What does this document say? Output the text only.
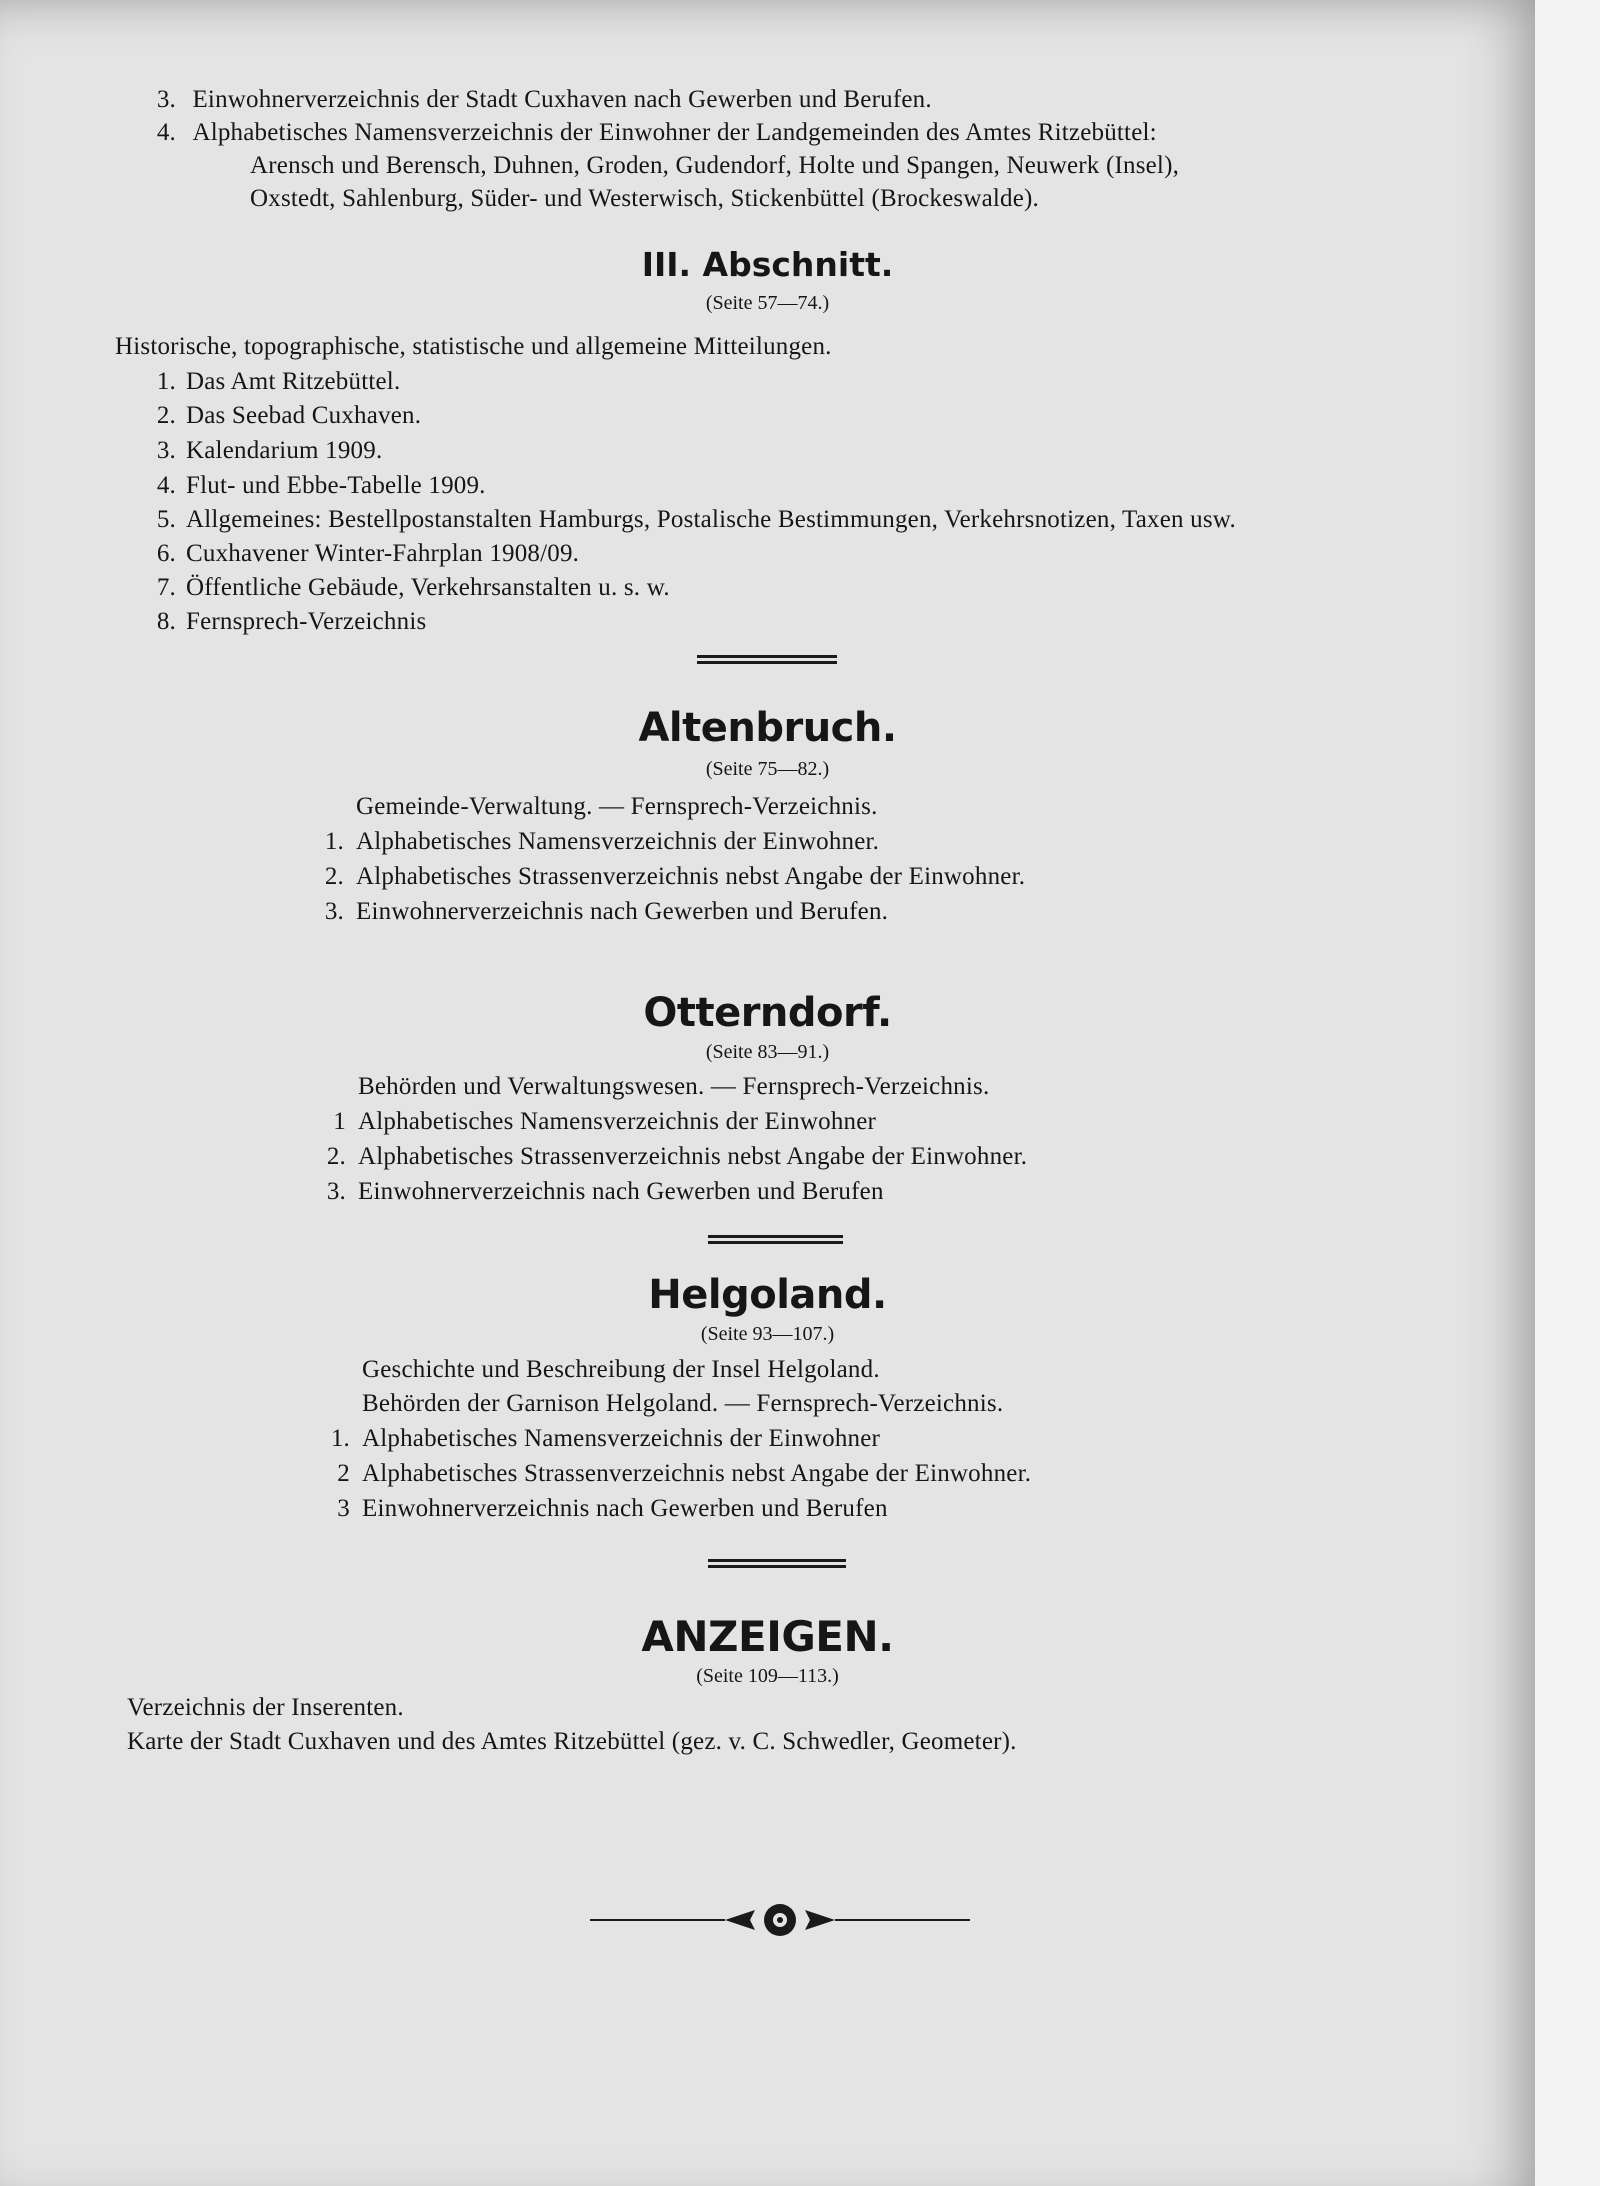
3. Einwohnerverzeichnis der Stadt Cuxhaven nach Gewerben und Berufen.
4. Alphabetisches Namensverzeichnis der Einwohner der Landgemeinden des Amtes Ritzebüttel:
Arensch und Berensch, Duhnen, Groden, Gudendorf, Holte und Spangen, Neuwerk (Insel),
Oxstedt, Sahlenburg, Süder- und Westerwisch, Stickenbüttel (Brockeswalde).
III. Abschnitt.
(Seite 57—74.)
Historische, topographische, statistische und allgemeine Mitteilungen.
1. Das Amt Ritzebüttel.
2. Das Seebad Cuxhaven.
3. Kalendarium 1909.
4. Flut- und Ebbe-Tabelle 1909.
5. Allgemeines: Bestellpostanstalten Hamburgs, Postalische Bestimmungen, Verkehrsnotizen, Taxen usw.
6. Cuxhavener Winter-Fahrplan 1908/09.
7. Öffentliche Gebäude, Verkehrsanstalten u. s. w.
8. Fernsprech-Verzeichnis
Altenbruch.
(Seite 75—82.)
Gemeinde-Verwaltung. — Fernsprech-Verzeichnis.
1. Alphabetisches Namensverzeichnis der Einwohner.
2. Alphabetisches Strassenverzeichnis nebst Angabe der Einwohner.
3. Einwohnerverzeichnis nach Gewerben und Berufen.
Otterndorf.
(Seite 83—91.)
Behörden und Verwaltungswesen. — Fernsprech-Verzeichnis.
1 Alphabetisches Namensverzeichnis der Einwohner
2. Alphabetisches Strassenverzeichnis nebst Angabe der Einwohner.
3. Einwohnerverzeichnis nach Gewerben und Berufen
Helgoland.
(Seite 93—107.)
Geschichte und Beschreibung der Insel Helgoland.
Behörden der Garnison Helgoland. — Fernsprech-Verzeichnis.
1. Alphabetisches Namensverzeichnis der Einwohner
2 Alphabetisches Strassenverzeichnis nebst Angabe der Einwohner.
3 Einwohnerverzeichnis nach Gewerben und Berufen
ANZEIGEN.
(Seite 109—113.)
Verzeichnis der Inserenten.
Karte der Stadt Cuxhaven und des Amtes Ritzebüttel (gez. v. C. Schwedler, Geometer).
